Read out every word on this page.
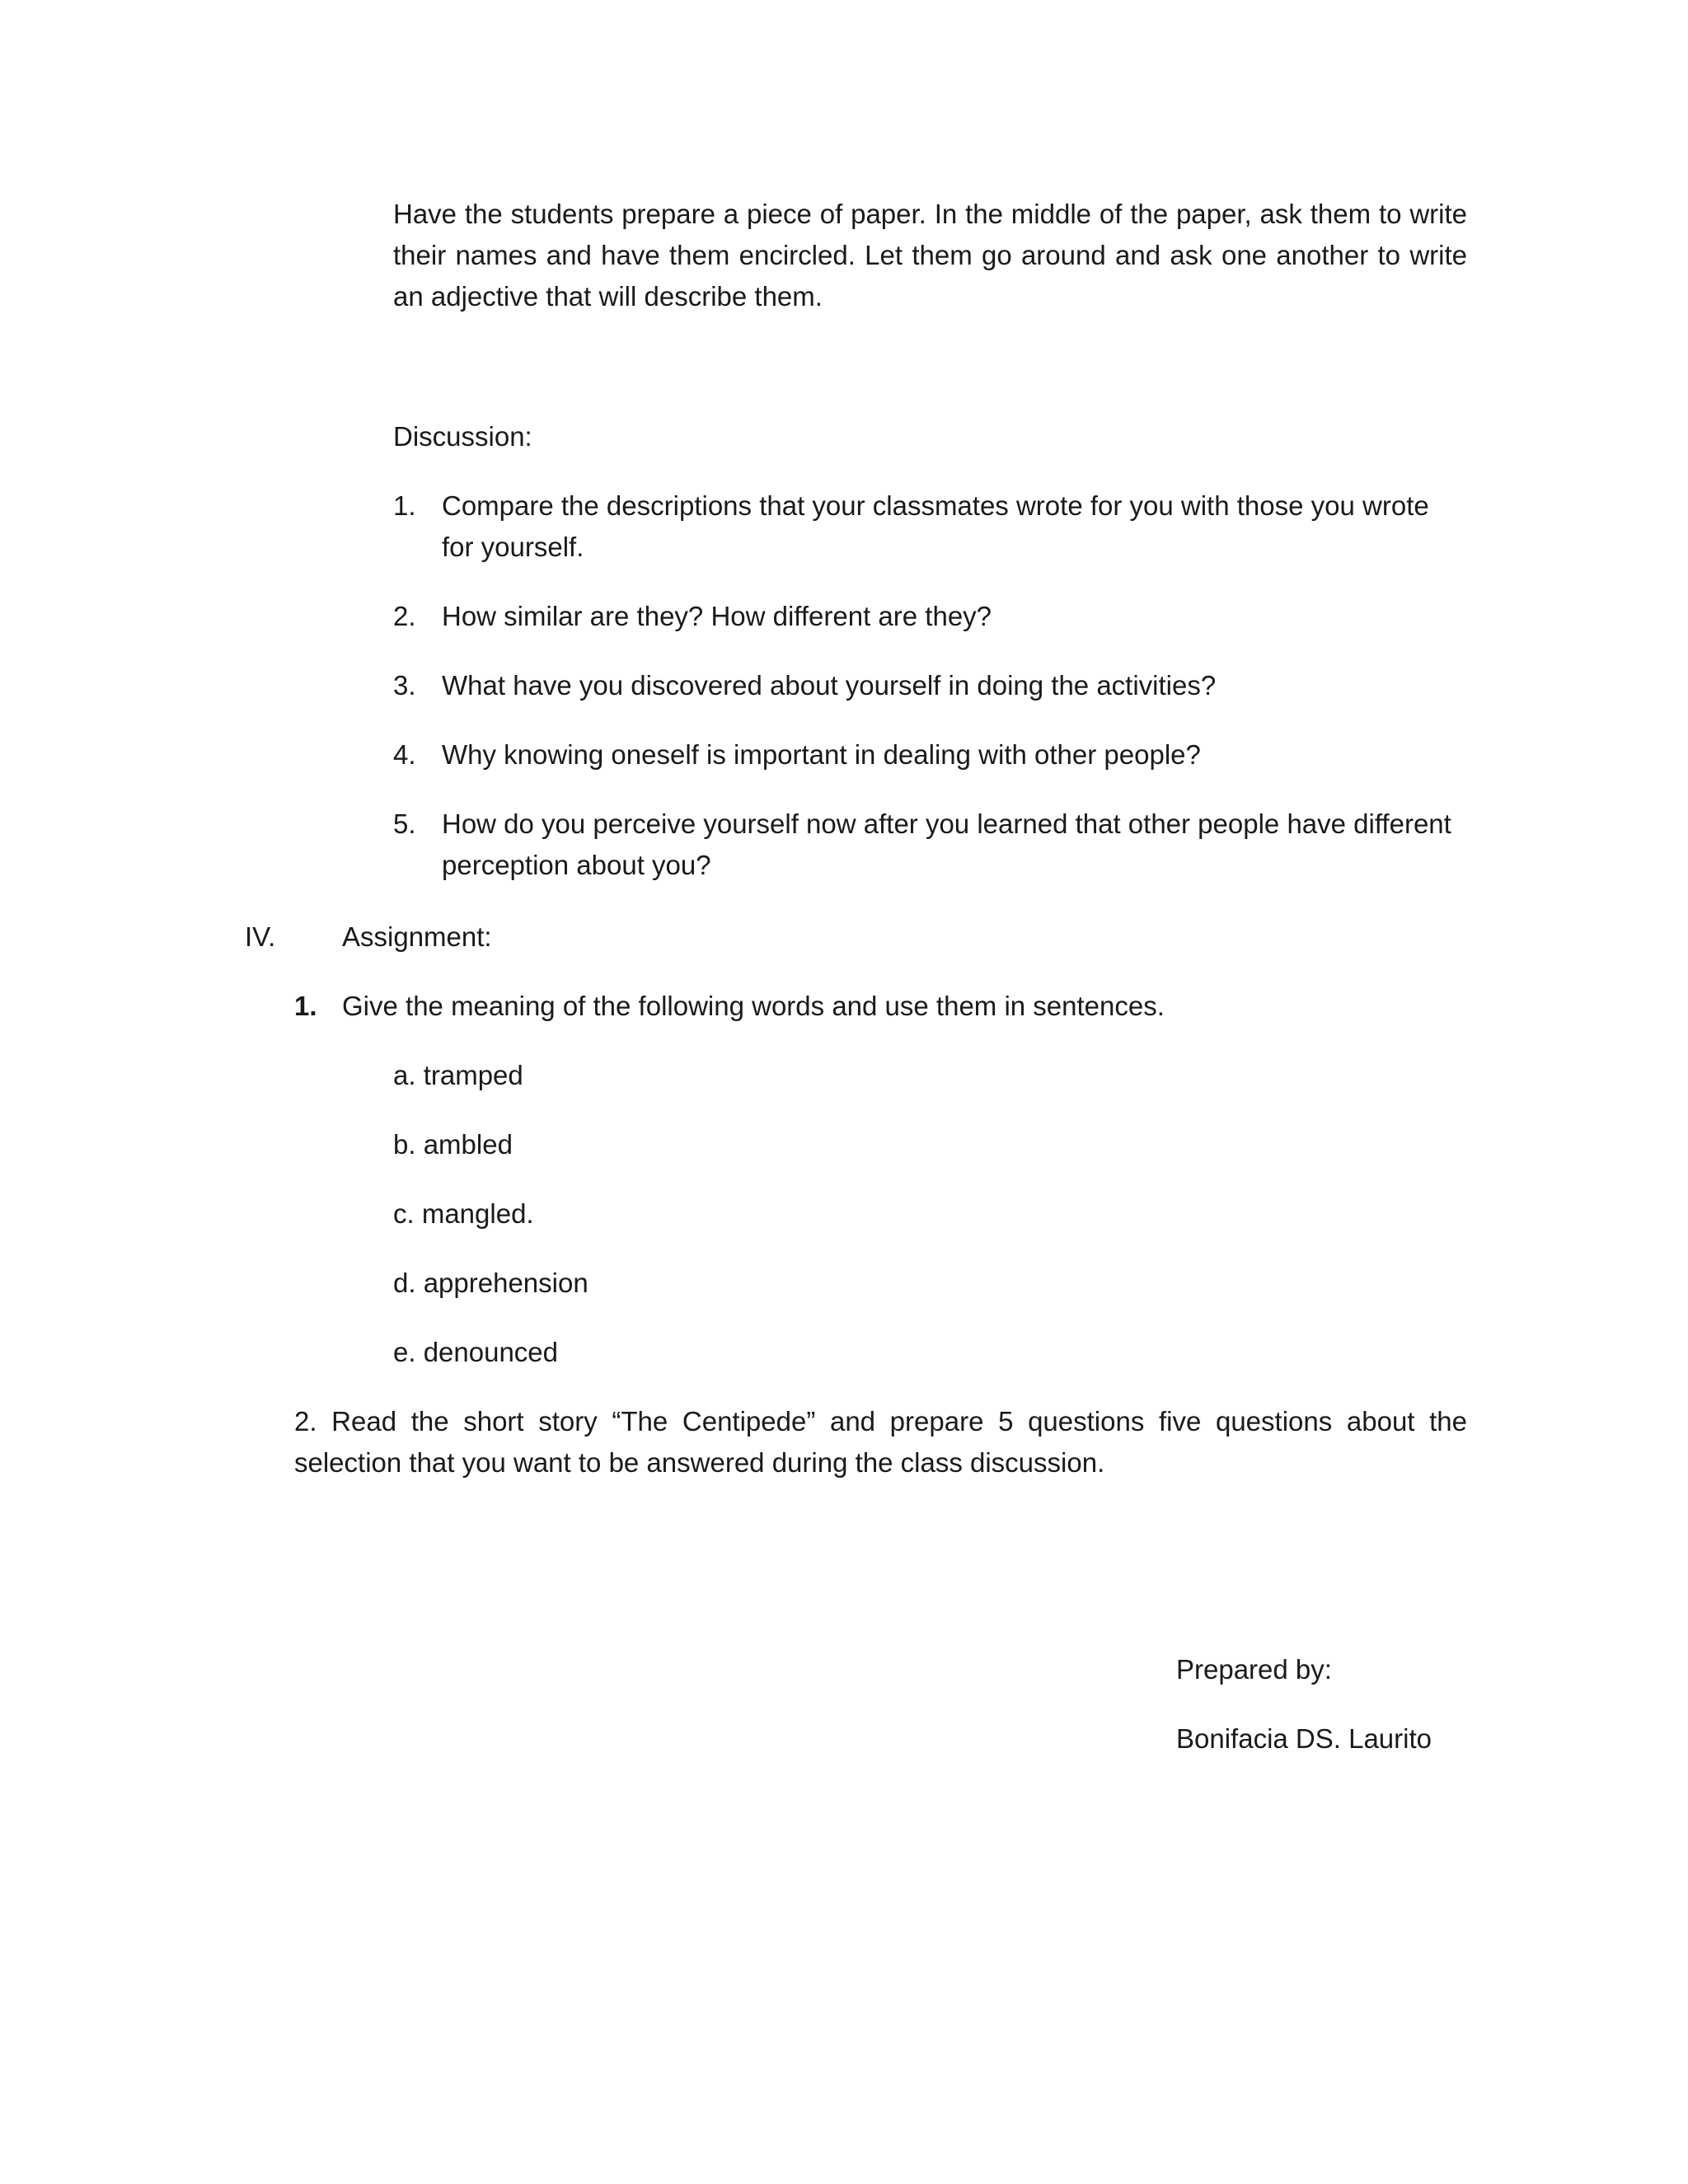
Have the students prepare a piece of paper. In the middle of the paper, ask them to write their names and have them encircled. Let them go around and ask one another to write an adjective that will describe them.

Discussion:
1. Compare the descriptions that your classmates wrote for you with those you wrote for yourself.
2. How similar are they? How different are they?
3. What have you discovered about yourself in doing the activities?
4. Why knowing oneself is important in dealing with other people?
5. How do you perceive yourself now after you learned that other people have different perception about you?
IV.	Assignment:
1. Give the meaning of the following words and use them in sentences.
a. tramped
b. ambled
c. mangled.
d. apprehension
e. denounced

2. Read the short story “The Centipede” and prepare 5 questions five questions about the selection that you want to be answered during the class discussion.

Prepared by:
Bonifacia DS. Laurito
